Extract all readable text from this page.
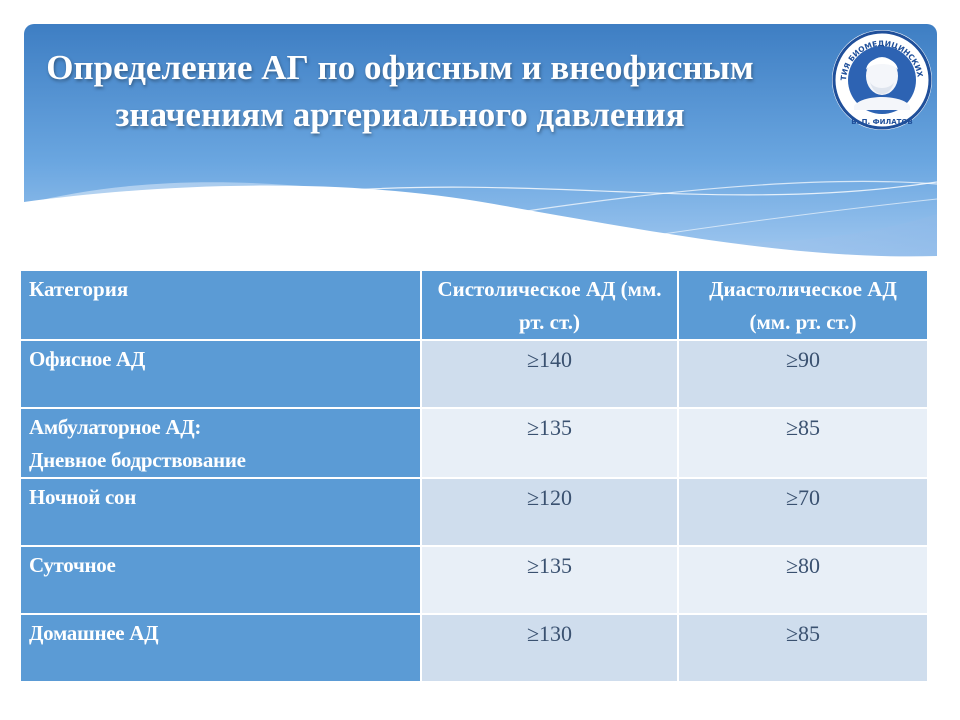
Определение АГ по офисным и внеофисным значениям артериального давления
ТИЯ БИОМЕДИЦИНСКИХ
В. П. ФИЛАТОВ
Категория	Систолическое АД (мм. рт. ст.)	Диастолическое АД (мм. рт. ст.)

Офисное АД	≥140	≥90

Амбулаторное АД:
Дневное бодрствование	≥135	≥85

Ночной сон	≥120	≥70

Суточное	≥135	≥80

Домашнее АД	≥130	≥85
